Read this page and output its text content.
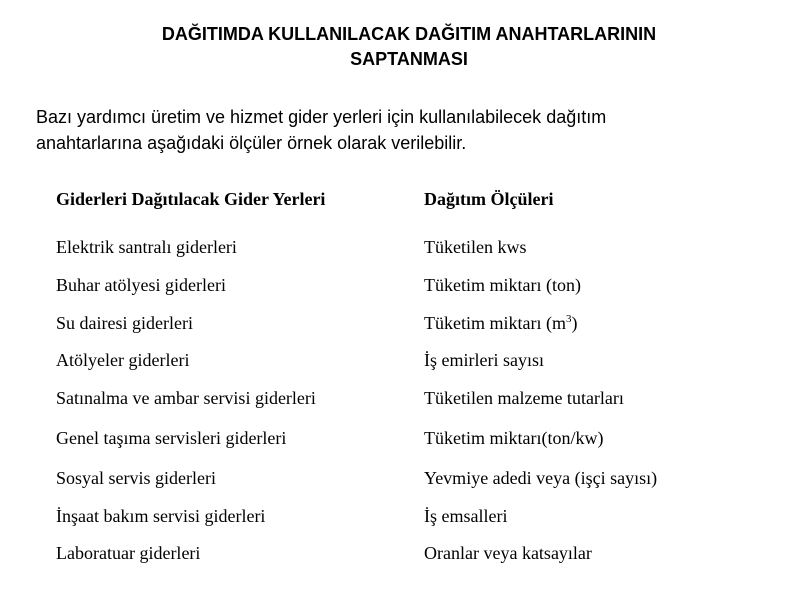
DAĞITIMDA KULLANILACAK DAĞITIM ANAHTARLARININ
SAPTANMASI
Bazı yardımcı üretim ve hizmet gider yerleri için kullanılabilecek dağıtım
anahtarlarına aşağıdaki ölçüler örnek olarak verilebilir.
Giderleri Dağıtılacak Gider Yerleri	Dağıtım Ölçüleri
Elektrik santralı giderleri	Tüketilen kws
Buhar atölyesi giderleri	Tüketim miktarı (ton)
Su dairesi giderleri	Tüketim miktarı $(m^3)$
Atölyeler giderleri	İş emirleri sayısı
Satınalma ve ambar servisi giderleri	Tüketilen malzeme tutarları
Genel taşıma servisleri giderleri	Tüketim miktarı(ton/kw)
Sosyal servis giderleri	Yevmiye adedi veya (işçi sayısı)
İnşaat bakım servisi giderleri	İş emsalleri
Laboratuar giderleri	Oranlar veya katsayılar
